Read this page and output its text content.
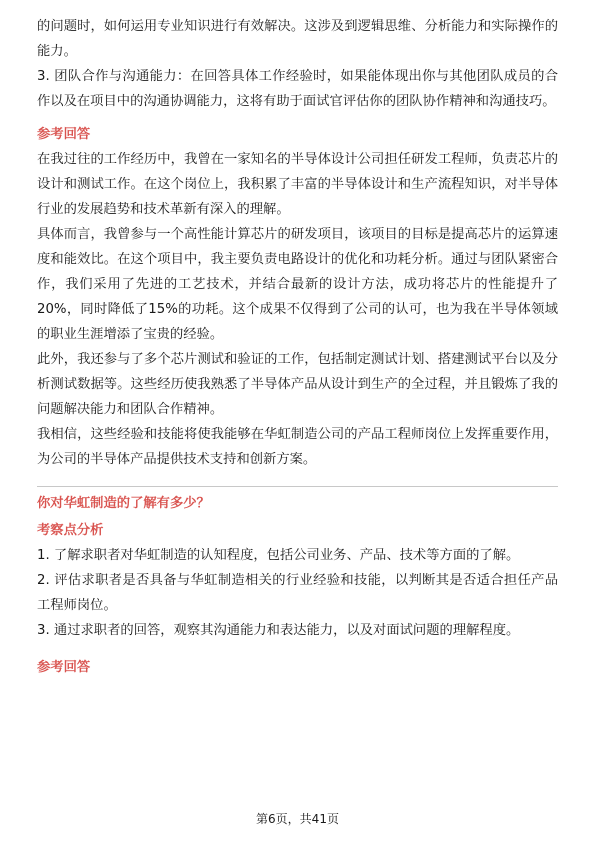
的问题时，如何运用专业知识进行有效解决。这涉及到逻辑思维、分析能力和实际操作的能力。

3. 团队合作与沟通能力：在回答具体工作经验时，如果能体现出你与其他团队成员的合作以及在项目中的沟通协调能力，这将有助于面试官评估你的团队协作精神和沟通技巧。

参考回答

在我过往的工作经历中，我曾在一家知名的半导体设计公司担任研发工程师，负责芯片的设计和测试工作。在这个岗位上，我积累了丰富的半导体设计和生产流程知识，对半导体行业的发展趋势和技术革新有深入的理解。

具体而言，我曾参与一个高性能计算芯片的研发项目，该项目的目标是提高芯片的运算速度和能效比。在这个项目中，我主要负责电路设计的优化和功耗分析。通过与团队紧密合作，我们采用了先进的工艺技术，并结合最新的设计方法，成功将芯片的性能提升了20%，同时降低了15%的功耗。这个成果不仅得到了公司的认可，也为我在半导体领域的职业生涯增添了宝贵的经验。

此外，我还参与了多个芯片测试和验证的工作，包括制定测试计划、搭建测试平台以及分析测试数据等。这些经历使我熟悉了半导体产品从设计到生产的全过程，并且锻炼了我的问题解决能力和团队合作精神。

我相信，这些经验和技能将使我能够在华虹制造公司的产品工程师岗位上发挥重要作用，为公司的半导体产品提供技术支持和创新方案。

你对华虹制造的了解有多少？

考察点分析

1. 了解求职者对华虹制造的认知程度，包括公司业务、产品、技术等方面的了解。

2. 评估求职者是否具备与华虹制造相关的行业经验和技能，以判断其是否适合担任产品工程师岗位。

3. 通过求职者的回答，观察其沟通能力和表达能力，以及对面试问题的理解程度。

参考回答

第6页，共41页
